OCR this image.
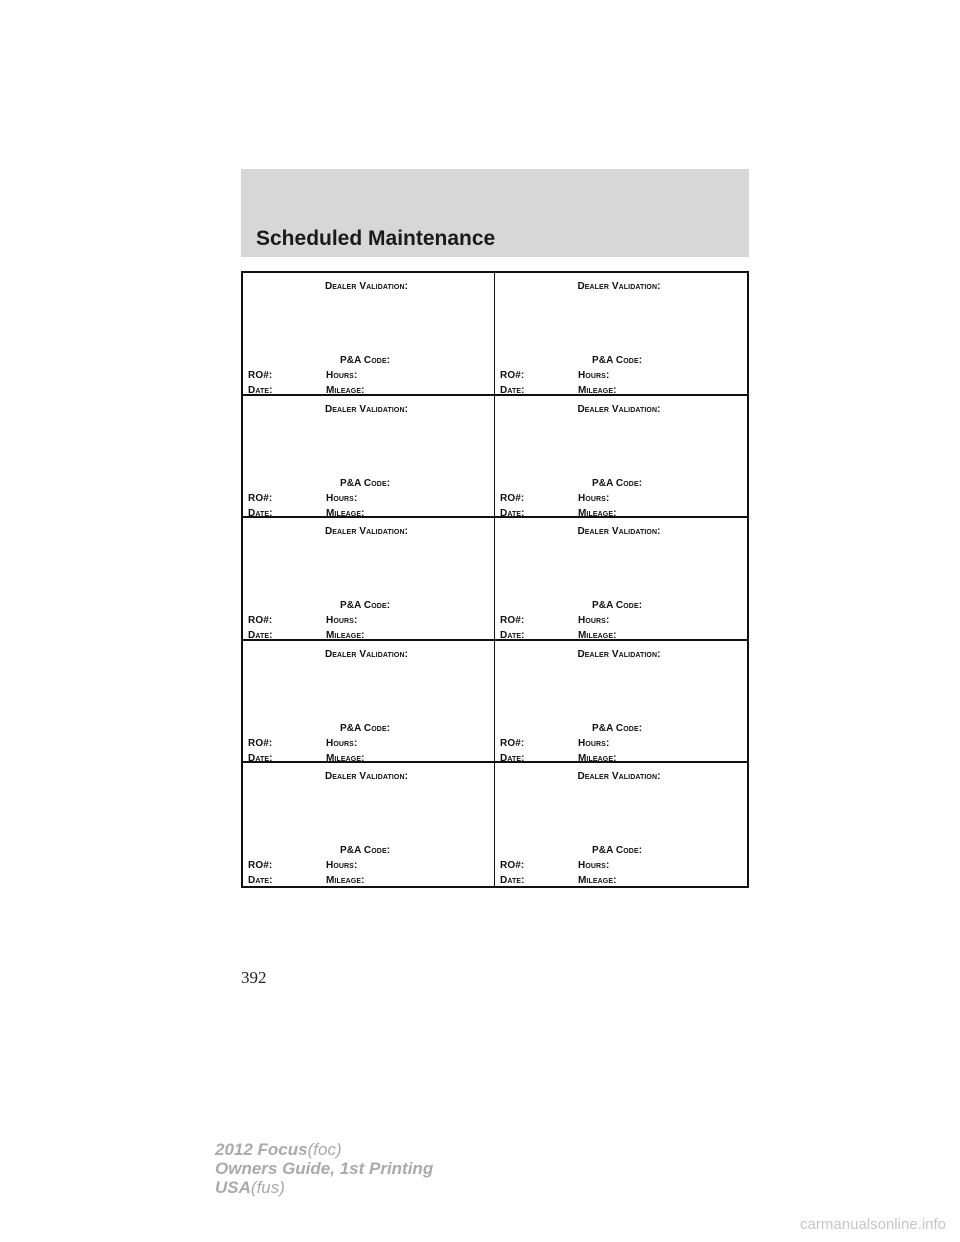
Scheduled Maintenance
Dealer Validation:
P&A Code:
RO#:	Hours:
Date:	Mileage:
Dealer Validation:
P&A Code:
RO#:	Hours:
Date:	Mileage:
Dealer Validation:
P&A Code:
RO#:	Hours:
Date:	Mileage:
Dealer Validation:
P&A Code:
RO#:	Hours:
Date:	Mileage:
Dealer Validation:
P&A Code:
RO#:	Hours:
Date:	Mileage:
Dealer Validation:
P&A Code:
RO#:	Hours:
Date:	Mileage:
Dealer Validation:
P&A Code:
RO#:	Hours:
Date:	Mileage:
Dealer Validation:
P&A Code:
RO#:	Hours:
Date:	Mileage:
Dealer Validation:
P&A Code:
RO#:	Hours:
Date:	Mileage:
Dealer Validation:
P&A Code:
RO#:	Hours:
Date:	Mileage:
392
2012 Focus(foc)
Owners Guide, 1st Printing
USA(fus)
carmanualsonline.info
